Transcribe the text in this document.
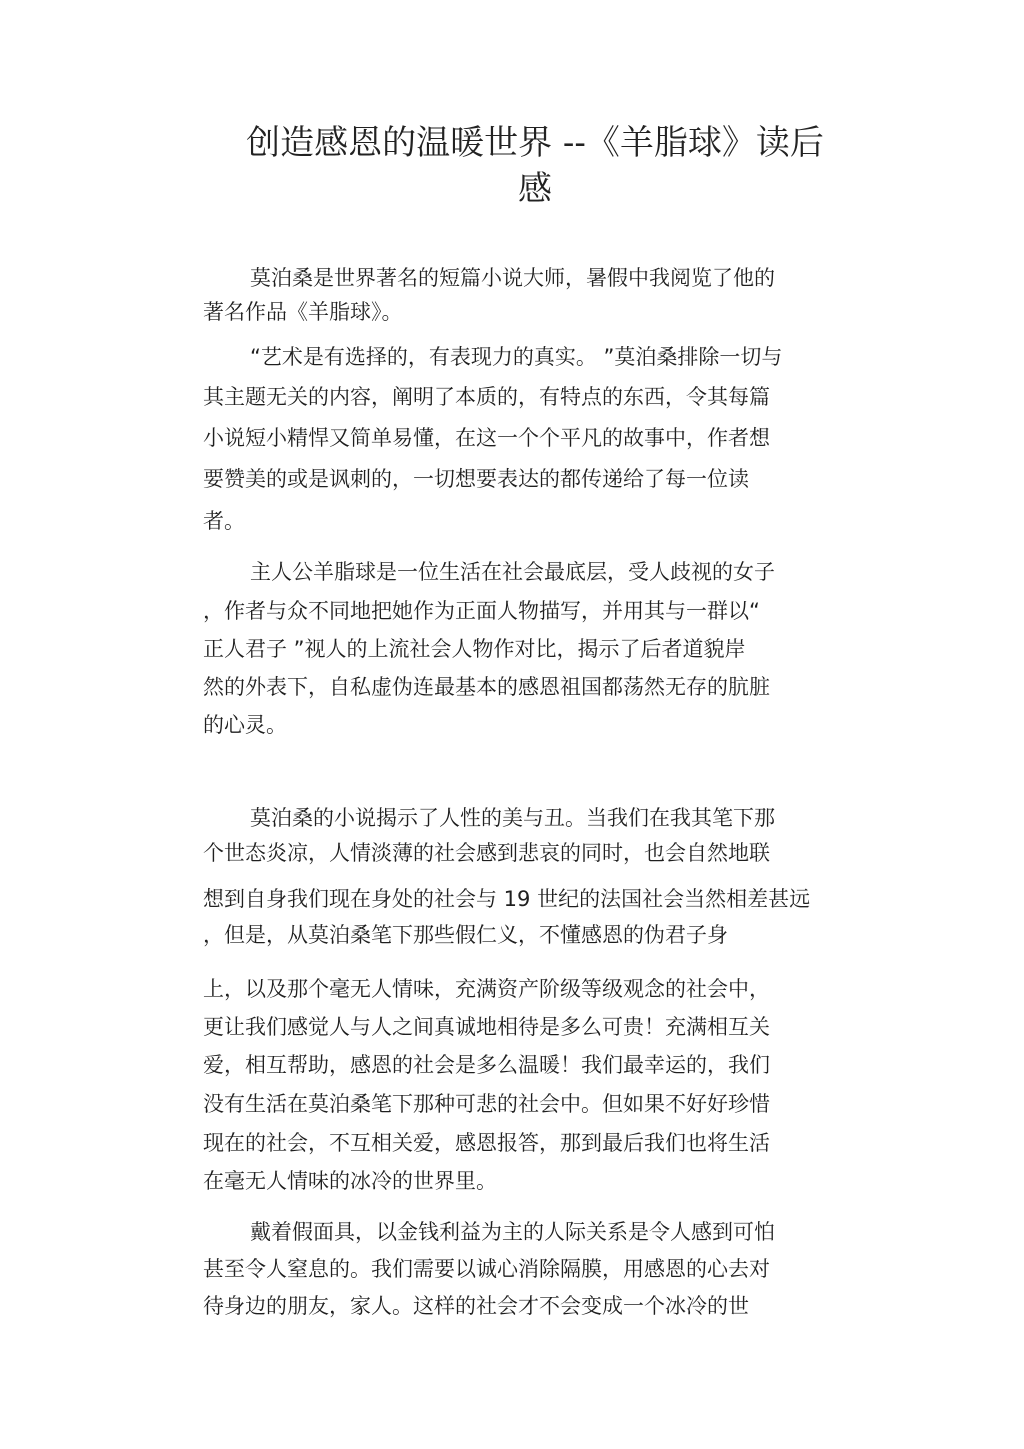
创造感恩的温暖世界 --《羊脂球》读后
感
莫泊桑是世界著名的短篇小说大师，暑假中我阅览了他的
著名作品《羊脂球》。
“艺术是有选择的，有表现力的真实。 ”莫泊桑排除一切与
其主题无关的内容，阐明了本质的，有特点的东西，令其每篇
小说短小精悍又简单易懂，在这一个个平凡的故事中，作者想
要赞美的或是讽刺的，一切想要表达的都传递给了每一位读
者。
主人公羊脂球是一位生活在社会最底层，受人歧视的女子
，作者与众不同地把她作为正面人物描写，并用其与一群以“
正人君子 ”视人的上流社会人物作对比，揭示了后者道貌岸
然的外表下，自私虚伪连最基本的感恩祖国都荡然无存的肮脏
的心灵。
莫泊桑的小说揭示了人性的美与丑。当我们在我其笔下那
个世态炎凉，人情淡薄的社会感到悲哀的同时，也会自然地联
想到自身我们现在身处的社会与 19 世纪的法国社会当然相差甚远
，但是，从莫泊桑笔下那些假仁义，不懂感恩的伪君子身
上，以及那个毫无人情味，充满资产阶级等级观念的社会中，
更让我们感觉人与人之间真诚地相待是多么可贵！充满相互关
爱，相互帮助，感恩的社会是多么温暖！我们最幸运的，我们
没有生活在莫泊桑笔下那种可悲的社会中。但如果不好好珍惜
现在的社会，不互相关爱，感恩报答，那到最后我们也将生活
在毫无人情味的冰冷的世界里。
戴着假面具，以金钱利益为主的人际关系是令人感到可怕
甚至令人窒息的。我们需要以诚心消除隔膜，用感恩的心去对
待身边的朋友，家人。这样的社会才不会变成一个冰冷的世
